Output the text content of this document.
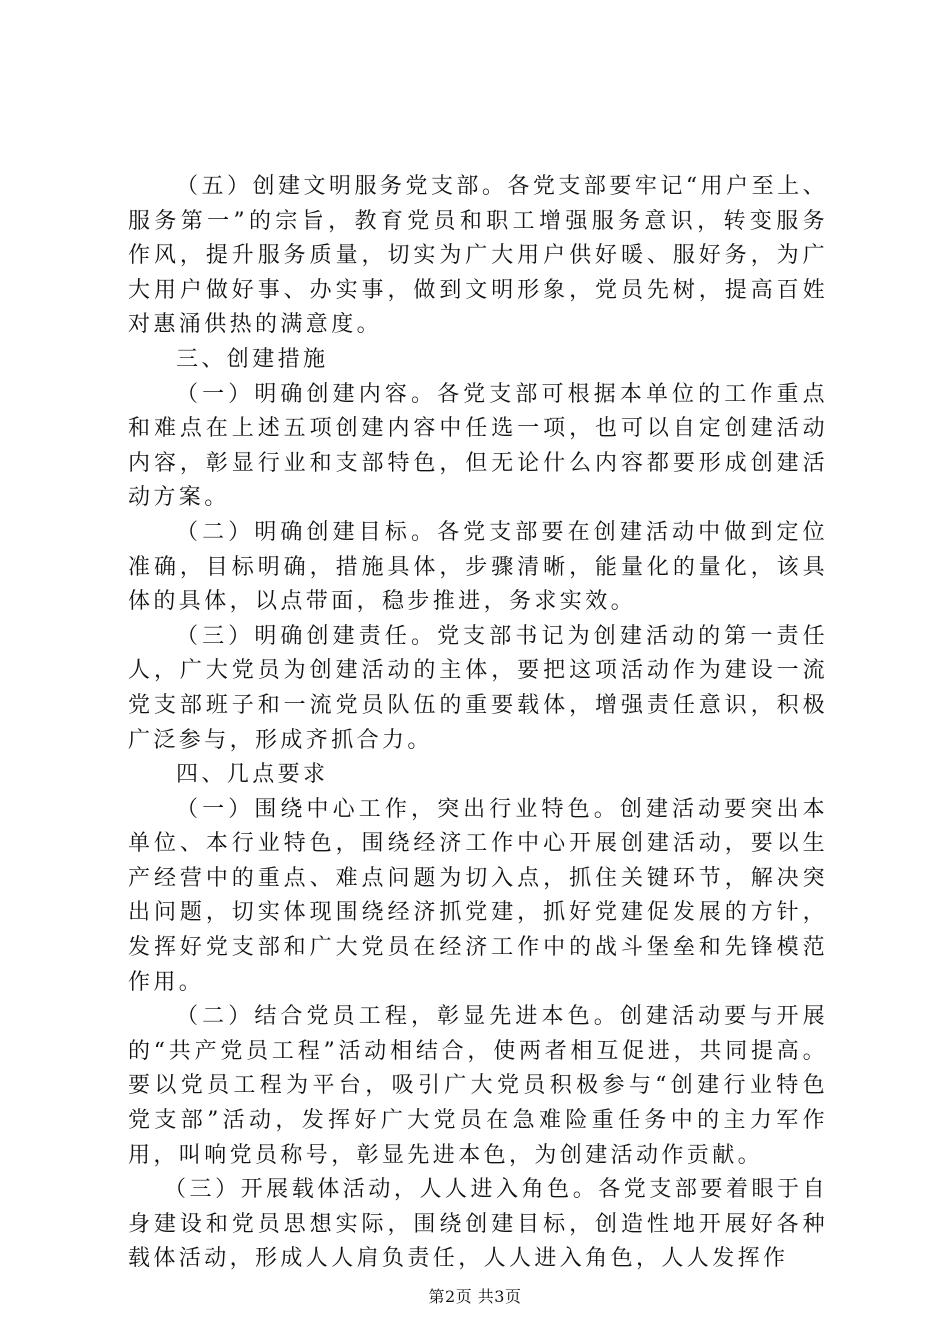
（五）创建文明服务党支部。各党支部要牢记“用户至上、服务第一”的宗旨，教育党员和职工增强服务意识，转变服务作风，提升服务质量，切实为广大用户供好暖、服好务，为广大用户做好事、办实事，做到文明形象，党员先树，提高百姓对惠涌供热的满意度。

三、创建措施

（一）明确创建内容。各党支部可根据本单位的工作重点和难点在上述五项创建内容中任选一项，也可以自定创建活动内容，彰显行业和支部特色，但无论什么内容都要形成创建活动方案。

（二）明确创建目标。各党支部要在创建活动中做到定位准确，目标明确，措施具体，步骤清晰，能量化的量化，该具体的具体，以点带面，稳步推进，务求实效。

（三）明确创建责任。党支部书记为创建活动的第一责任人，广大党员为创建活动的主体，要把这项活动作为建设一流党支部班子和一流党员队伍的重要载体，增强责任意识，积极广泛参与，形成齐抓合力。

四、几点要求

（一）围绕中心工作，突出行业特色。创建活动要突出本单位、本行业特色，围绕经济工作中心开展创建活动，要以生产经营中的重点、难点问题为切入点，抓住关键环节，解决突出问题，切实体现围绕经济抓党建，抓好党建促发展的方针，发挥好党支部和广大党员在经济工作中的战斗堡垒和先锋模范作用。

（二）结合党员工程，彰显先进本色。创建活动要与开展的“共产党员工程”活动相结合，使两者相互促进，共同提高。要以党员工程为平台，吸引广大党员积极参与“创建行业特色党支部”活动，发挥好广大党员在急难险重任务中的主力军作用，叫响党员称号，彰显先进本色，为创建活动作贡献。

（三）开展载体活动，人人进入角色。各党支部要着眼于自身建设和党员思想实际，围绕创建目标，创造性地开展好各种载体活动，形成人人肩负责任，人人进入角色，人人发挥作

第2页 共3页
